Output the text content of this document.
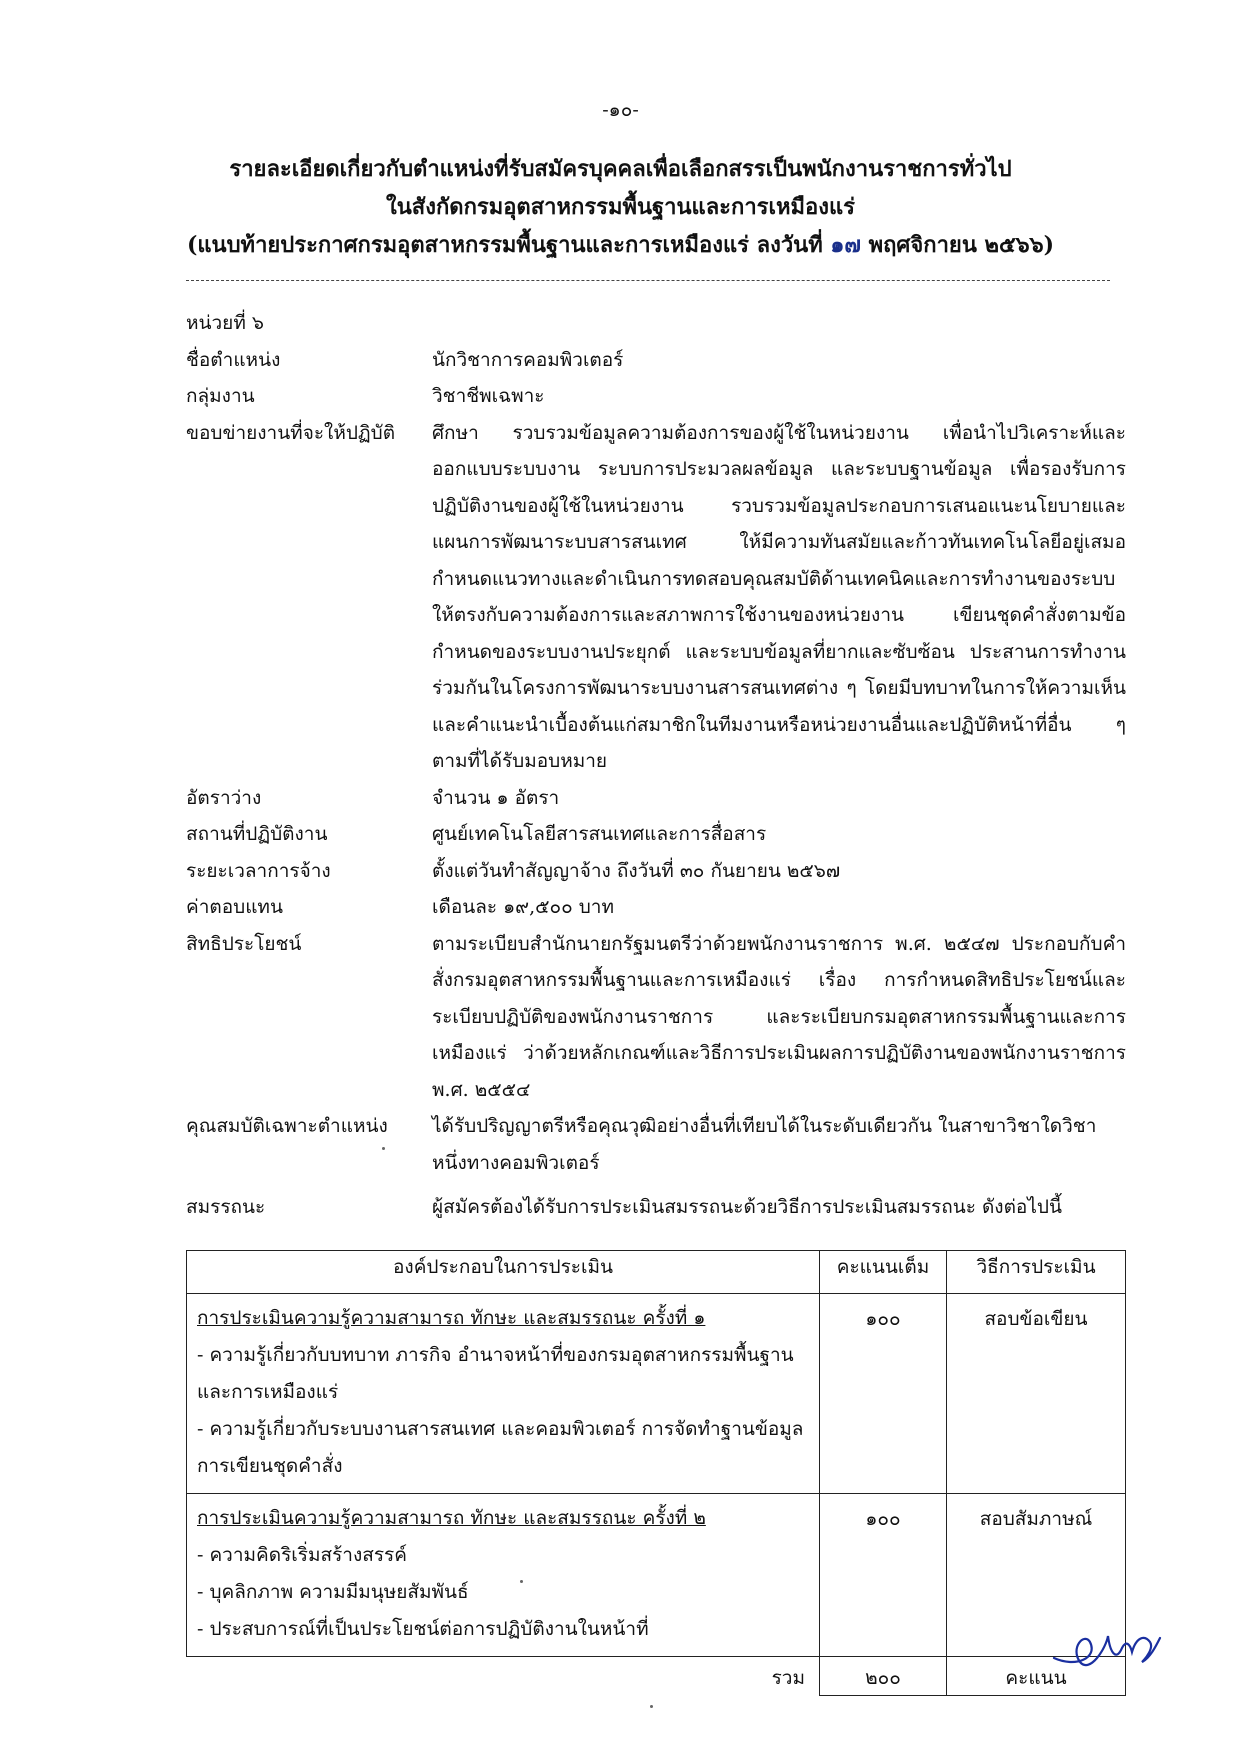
-๑๐-
รายละเอียดเกี่ยวกับตำแหน่งที่รับสมัครบุคคลเพื่อเลือกสรรเป็นพนักงานราชการทั่วไป
ในสังกัดกรมอุตสาหกรรมพื้นฐานและการเหมืองแร่
(แนบท้ายประกาศกรมอุตสาหกรรมพื้นฐานและการเหมืองแร่ ลงวันที่ ๑๗ พฤศจิกายน ๒๕๖๖)
หน่วยที่ ๖
ชื่อตำแหน่ง	นักวิชาการคอมพิวเตอร์
กลุ่มงาน	วิชาชีพเฉพาะ
ขอบข่ายงานที่จะให้ปฏิบัติ	ศึกษา รวบรวมข้อมูลความต้องการของผู้ใช้ในหน่วยงาน เพื่อนำไปวิเคราะห์และออกแบบระบบงาน ระบบการประมวลผลข้อมูล และระบบฐานข้อมูล เพื่อรองรับการปฏิบัติงานของผู้ใช้ในหน่วยงาน รวบรวมข้อมูลประกอบการเสนอแนะนโยบายและแผนการพัฒนาระบบสารสนเทศ ให้มีความทันสมัยและก้าวทันเทคโนโลยีอยู่เสมอ กำหนดแนวทางและดำเนินการทดสอบคุณสมบัติด้านเทคนิคและการทำงานของระบบให้ตรงกับความต้องการและสภาพการใช้งานของหน่วยงาน เขียนชุดคำสั่งตามข้อกำหนดของระบบงานประยุกต์ และระบบข้อมูลที่ยากและซับซ้อน ประสานการทำงานร่วมกันในโครงการพัฒนาระบบงานสารสนเทศต่าง ๆ โดยมีบทบาทในการให้ความเห็นและคำแนะนำเบื้องต้นแก่สมาชิกในทีมงานหรือหน่วยงานอื่นและปฏิบัติหน้าที่อื่น ๆ ตามที่ได้รับมอบหมาย
อัตราว่าง	จำนวน ๑ อัตรา
สถานที่ปฏิบัติงาน	ศูนย์เทคโนโลยีสารสนเทศและการสื่อสาร
ระยะเวลาการจ้าง	ตั้งแต่วันทำสัญญาจ้าง ถึงวันที่ ๓๐ กันยายน ๒๕๖๗
ค่าตอบแทน	เดือนละ ๑๙,๕๐๐ บาท
สิทธิประโยชน์	ตามระเบียบสำนักนายกรัฐมนตรีว่าด้วยพนักงานราชการ พ.ศ. ๒๕๔๗ ประกอบกับคำสั่งกรมอุตสาหกรรมพื้นฐานและการเหมืองแร่ เรื่อง การกำหนดสิทธิประโยชน์และระเบียบปฏิบัติของพนักงานราชการ และระเบียบกรมอุตสาหกรรมพื้นฐานและการเหมืองแร่ ว่าด้วยหลักเกณฑ์และวิธีการประเมินผลการปฏิบัติงานของพนักงานราชการ พ.ศ. ๒๕๕๔
คุณสมบัติเฉพาะตำแหน่ง	ได้รับปริญญาตรีหรือคุณวุฒิอย่างอื่นที่เทียบได้ในระดับเดียวกัน ในสาขาวิชาใดวิชาหนึ่งทางคอมพิวเตอร์
สมรรถนะ	ผู้สมัครต้องได้รับการประเมินสมรรถนะด้วยวิธีการประเมินสมรรถนะ ดังต่อไปนี้
องค์ประกอบในการประเมิน	คะแนนเต็ม	วิธีการประเมิน

การประเมินความรู้ความสามารถ ทักษะ และสมรรถนะ ครั้งที่ ๑
- ความรู้เกี่ยวกับบทบาท ภารกิจ อำนาจหน้าที่ของกรมอุตสาหกรรมพื้นฐานและการเหมืองแร่
- ความรู้เกี่ยวกับระบบงานสารสนเทศ และคอมพิวเตอร์ การจัดทำฐานข้อมูลการเขียนชุดคำสั่ง	๑๐๐	สอบข้อเขียน

การประเมินความรู้ความสามารถ ทักษะ และสมรรถนะ ครั้งที่ ๒
- ความคิดริเริ่มสร้างสรรค์
- บุคลิกภาพ ความมีมนุษยสัมพันธ์
- ประสบการณ์ที่เป็นประโยชน์ต่อการปฏิบัติงานในหน้าที่	๑๐๐	สอบสัมภาษณ์
รวม	๒๐๐	คะแนน
